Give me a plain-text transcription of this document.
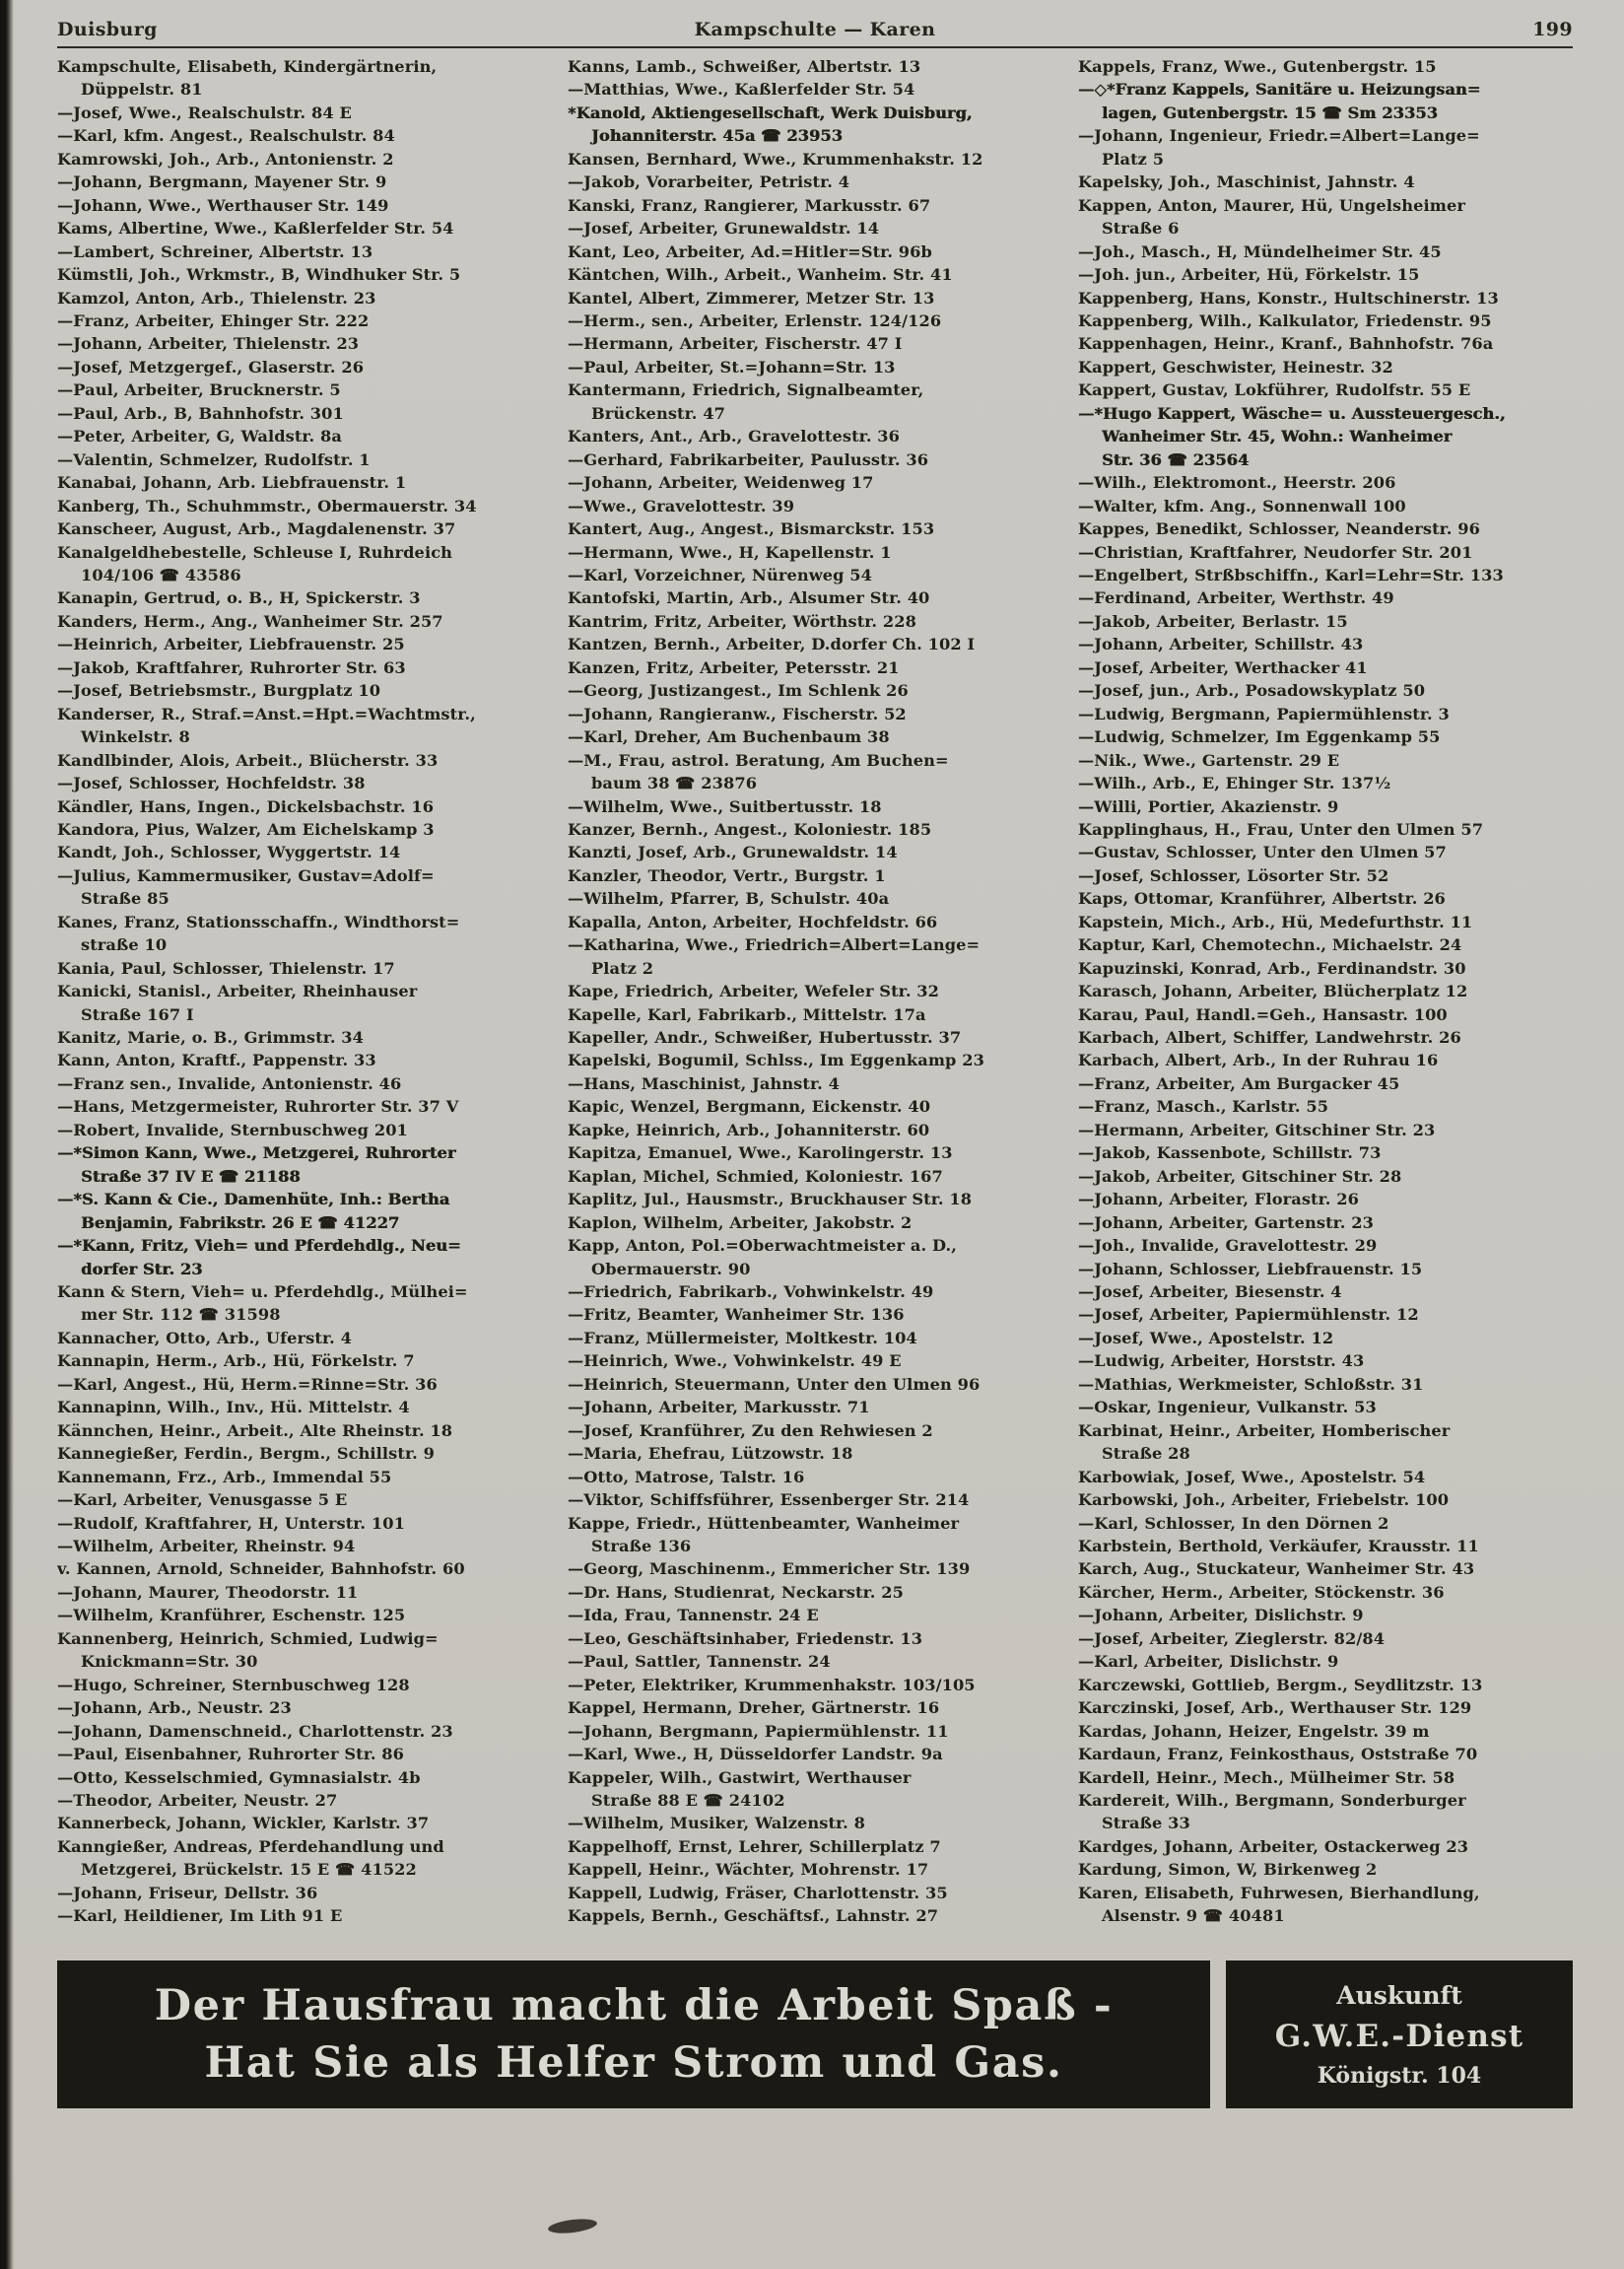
Duisburg	Kampschulte — Karen	199
Kampschulte, Elisabeth, Kindergärtnerin,
Düppelstr. 81
—Josef, Wwe., Realschulstr. 84 E
—Karl, kfm. Angest., Realschulstr. 84
Kamrowski, Joh., Arb., Antonienstr. 2
—Johann, Bergmann, Mayener Str. 9
—Johann, Wwe., Werthauser Str. 149
Kams, Albertine, Wwe., Kaßlerfelder Str. 54
—Lambert, Schreiner, Albertstr. 13
Kümstli, Joh., Wrkmstr., B, Windhuker Str. 5
Kamzol, Anton, Arb., Thielenstr. 23
—Franz, Arbeiter, Ehinger Str. 222
—Johann, Arbeiter, Thielenstr. 23
—Josef, Metzgergef., Glaserstr. 26
—Paul, Arbeiter, Brucknerstr. 5
—Paul, Arb., B, Bahnhofstr. 301
—Peter, Arbeiter, G, Waldstr. 8a
—Valentin, Schmelzer, Rudolfstr. 1
Kanabai, Johann, Arb. Liebfrauenstr. 1
Kanberg, Th., Schuhmmstr., Obermauerstr. 34
Kanscheer, August, Arb., Magdalenenstr. 37
Kanalgeldhebestelle, Schleuse I, Ruhrdeich
104/106 ☎ 43586
Kanapin, Gertrud, o. B., H, Spickerstr. 3
Kanders, Herm., Ang., Wanheimer Str. 257
—Heinrich, Arbeiter, Liebfrauenstr. 25
—Jakob, Kraftfahrer, Ruhrorter Str. 63
—Josef, Betriebsmstr., Burgplatz 10
Kanderser, R., Straf.=Anst.=Hpt.=Wachtmstr.,
Winkelstr. 8
Kandlbinder, Alois, Arbeit., Blücherstr. 33
—Josef, Schlosser, Hochfeldstr. 38
Kändler, Hans, Ingen., Dickelsbachstr. 16
Kandora, Pius, Walzer, Am Eichelskamp 3
Kandt, Joh., Schlosser, Wyggertstr. 14
—Julius, Kammermusiker, Gustav=Adolf=
Straße 85
Kanes, Franz, Stationsschaffn., Windthorst=
straße 10
Kania, Paul, Schlosser, Thielenstr. 17
Kanicki, Stanisl., Arbeiter, Rheinhauser
Straße 167 I
Kanitz, Marie, o. B., Grimmstr. 34
Kann, Anton, Kraftf., Pappenstr. 33
—Franz sen., Invalide, Antonienstr. 46
—Hans, Metzgermeister, Ruhrorter Str. 37 V
—Robert, Invalide, Sternbuschweg 201
—*Simon Kann, Wwe., Metzgerei, Ruhrorter
Straße 37 IV E ☎ 21188
—*S. Kann & Cie., Damenhüte, Inh.: Bertha
Benjamin, Fabrikstr. 26 E ☎ 41227
—*Kann, Fritz, Vieh= und Pferdehdlg., Neu=
dorfer Str. 23
Kann & Stern, Vieh= u. Pferdehdlg., Mülhei=
mer Str. 112 ☎ 31598
Kannacher, Otto, Arb., Uferstr. 4
Kannapin, Herm., Arb., Hü, Förkelstr. 7
—Karl, Angest., Hü, Herm.=Rinne=Str. 36
Kannapinn, Wilh., Inv., Hü. Mittelstr. 4
Kännchen, Heinr., Arbeit., Alte Rheinstr. 18
Kannegießer, Ferdin., Bergm., Schillstr. 9
Kannemann, Frz., Arb., Immendal 55
—Karl, Arbeiter, Venusgasse 5 E
—Rudolf, Kraftfahrer, H, Unterstr. 101
—Wilhelm, Arbeiter, Rheinstr. 94
v. Kannen, Arnold, Schneider, Bahnhofstr. 60
—Johann, Maurer, Theodorstr. 11
—Wilhelm, Kranführer, Eschenstr. 125
Kannenberg, Heinrich, Schmied, Ludwig=
Knickmann=Str. 30
—Hugo, Schreiner, Sternbuschweg 128
—Johann, Arb., Neustr. 23
—Johann, Damenschneid., Charlottenstr. 23
—Paul, Eisenbahner, Ruhrorter Str. 86
—Otto, Kesselschmied, Gymnasialstr. 4b
—Theodor, Arbeiter, Neustr. 27
Kannerbeck, Johann, Wickler, Karlstr. 37
Kanngießer, Andreas, Pferdehandlung und
Metzgerei, Brückelstr. 15 E ☎ 41522
—Johann, Friseur, Dellstr. 36
—Karl, Heildiener, Im Lith 91 E
Kanns, Lamb., Schweißer, Albertstr. 13
—Matthias, Wwe., Kaßlerfelder Str. 54
*Kanold, Aktiengesellschaft, Werk Duisburg,
Johanniterstr. 45a ☎ 23953
Kansen, Bernhard, Wwe., Krummenhakstr. 12
—Jakob, Vorarbeiter, Petristr. 4
Kanski, Franz, Rangierer, Markusstr. 67
—Josef, Arbeiter, Grunewaldstr. 14
Kant, Leo, Arbeiter, Ad.=Hitler=Str. 96b
Käntchen, Wilh., Arbeit., Wanheim. Str. 41
Kantel, Albert, Zimmerer, Metzer Str. 13
—Herm., sen., Arbeiter, Erlenstr. 124/126
—Hermann, Arbeiter, Fischerstr. 47 I
—Paul, Arbeiter, St.=Johann=Str. 13
Kantermann, Friedrich, Signalbeamter,
Brückenstr. 47
Kanters, Ant., Arb., Gravelottestr. 36
—Gerhard, Fabrikarbeiter, Paulusstr. 36
—Johann, Arbeiter, Weidenweg 17
—Wwe., Gravelottestr. 39
Kantert, Aug., Angest., Bismarckstr. 153
—Hermann, Wwe., H, Kapellenstr. 1
—Karl, Vorzeichner, Nürenweg 54
Kantofski, Martin, Arb., Alsumer Str. 40
Kantrim, Fritz, Arbeiter, Wörthstr. 228
Kantzen, Bernh., Arbeiter, D.dorfer Ch. 102 I
Kanzen, Fritz, Arbeiter, Petersstr. 21
—Georg, Justizangest., Im Schlenk 26
—Johann, Rangieranw., Fischerstr. 52
—Karl, Dreher, Am Buchenbaum 38
—M., Frau, astrol. Beratung, Am Buchen=
baum 38 ☎ 23876
—Wilhelm, Wwe., Suitbertusstr. 18
Kanzer, Bernh., Angest., Koloniestr. 185
Kanzti, Josef, Arb., Grunewaldstr. 14
Kanzler, Theodor, Vertr., Burgstr. 1
—Wilhelm, Pfarrer, B, Schulstr. 40a
Kapalla, Anton, Arbeiter, Hochfeldstr. 66
—Katharina, Wwe., Friedrich=Albert=Lange=
Platz 2
Kape, Friedrich, Arbeiter, Wefeler Str. 32
Kapelle, Karl, Fabrikarb., Mittelstr. 17a
Kapeller, Andr., Schweißer, Hubertusstr. 37
Kapelski, Bogumil, Schlss., Im Eggenkamp 23
—Hans, Maschinist, Jahnstr. 4
Kapic, Wenzel, Bergmann, Eickenstr. 40
Kapke, Heinrich, Arb., Johanniterstr. 60
Kapitza, Emanuel, Wwe., Karolingerstr. 13
Kaplan, Michel, Schmied, Koloniestr. 167
Kaplitz, Jul., Hausmstr., Bruckhauser Str. 18
Kaplon, Wilhelm, Arbeiter, Jakobstr. 2
Kapp, Anton, Pol.=Oberwachtmeister a. D.,
Obermauerstr. 90
—Friedrich, Fabrikarb., Vohwinkelstr. 49
—Fritz, Beamter, Wanheimer Str. 136
—Franz, Müllermeister, Moltkestr. 104
—Heinrich, Wwe., Vohwinkelstr. 49 E
—Heinrich, Steuermann, Unter den Ulmen 96
—Johann, Arbeiter, Markusstr. 71
—Josef, Kranführer, Zu den Rehwiesen 2
—Maria, Ehefrau, Lützowstr. 18
—Otto, Matrose, Talstr. 16
—Viktor, Schiffsführer, Essenberger Str. 214
Kappe, Friedr., Hüttenbeamter, Wanheimer
Straße 136
—Georg, Maschinenm., Emmericher Str. 139
—Dr. Hans, Studienrat, Neckarstr. 25
—Ida, Frau, Tannenstr. 24 E
—Leo, Geschäftsinhaber, Friedenstr. 13
—Paul, Sattler, Tannenstr. 24
—Peter, Elektriker, Krummenhakstr. 103/105
Kappel, Hermann, Dreher, Gärtnerstr. 16
—Johann, Bergmann, Papiermühlenstr. 11
—Karl, Wwe., H, Düsseldorfer Landstr. 9a
Kappeler, Wilh., Gastwirt, Werthauser
Straße 88 E ☎ 24102
—Wilhelm, Musiker, Walzenstr. 8
Kappelhoff, Ernst, Lehrer, Schillerplatz 7
Kappell, Heinr., Wächter, Mohrenstr. 17
Kappell, Ludwig, Fräser, Charlottenstr. 35
Kappels, Bernh., Geschäftsf., Lahnstr. 27
Kappels, Franz, Wwe., Gutenbergstr. 15
—◇*Franz Kappels, Sanitäre u. Heizungsan=
lagen, Gutenbergstr. 15 ☎ Sm 23353
—Johann, Ingenieur, Friedr.=Albert=Lange=
Platz 5
Kapelsky, Joh., Maschinist, Jahnstr. 4
Kappen, Anton, Maurer, Hü, Ungelsheimer
Straße 6
—Joh., Masch., H, Mündelheimer Str. 45
—Joh. jun., Arbeiter, Hü, Förkelstr. 15
Kappenberg, Hans, Konstr., Hultschinerstr. 13
Kappenberg, Wilh., Kalkulator, Friedenstr. 95
Kappenhagen, Heinr., Kranf., Bahnhofstr. 76a
Kappert, Geschwister, Heinestr. 32
Kappert, Gustav, Lokführer, Rudolfstr. 55 E
—*Hugo Kappert, Wäsche= u. Aussteuergesch.,
Wanheimer Str. 45, Wohn.: Wanheimer
Str. 36 ☎ 23564
—Wilh., Elektromont., Heerstr. 206
—Walter, kfm. Ang., Sonnenwall 100
Kappes, Benedikt, Schlosser, Neanderstr. 96
—Christian, Kraftfahrer, Neudorfer Str. 201
—Engelbert, Strßbschiffn., Karl=Lehr=Str. 133
—Ferdinand, Arbeiter, Werthstr. 49
—Jakob, Arbeiter, Berlastr. 15
—Johann, Arbeiter, Schillstr. 43
—Josef, Arbeiter, Werthacker 41
—Josef, jun., Arb., Posadowskyplatz 50
—Ludwig, Bergmann, Papiermühlenstr. 3
—Ludwig, Schmelzer, Im Eggenkamp 55
—Nik., Wwe., Gartenstr. 29 E
—Wilh., Arb., E, Ehinger Str. 137½
—Willi, Portier, Akazienstr. 9
Kapplinghaus, H., Frau, Unter den Ulmen 57
—Gustav, Schlosser, Unter den Ulmen 57
—Josef, Schlosser, Lösorter Str. 52
Kaps, Ottomar, Kranführer, Albertstr. 26
Kapstein, Mich., Arb., Hü, Medefurthstr. 11
Kaptur, Karl, Chemotechn., Michaelstr. 24
Kapuzinski, Konrad, Arb., Ferdinandstr. 30
Karasch, Johann, Arbeiter, Blücherplatz 12
Karau, Paul, Handl.=Geh., Hansastr. 100
Karbach, Albert, Schiffer, Landwehrstr. 26
Karbach, Albert, Arb., In der Ruhrau 16
—Franz, Arbeiter, Am Burgacker 45
—Franz, Masch., Karlstr. 55
—Hermann, Arbeiter, Gitschiner Str. 23
—Jakob, Kassenbote, Schillstr. 73
—Jakob, Arbeiter, Gitschiner Str. 28
—Johann, Arbeiter, Florastr. 26
—Johann, Arbeiter, Gartenstr. 23
—Joh., Invalide, Gravelottestr. 29
—Johann, Schlosser, Liebfrauenstr. 15
—Josef, Arbeiter, Biesenstr. 4
—Josef, Arbeiter, Papiermühlenstr. 12
—Josef, Wwe., Apostelstr. 12
—Ludwig, Arbeiter, Horststr. 43
—Mathias, Werkmeister, Schloßstr. 31
—Oskar, Ingenieur, Vulkanstr. 53
Karbinat, Heinr., Arbeiter, Homberischer
Straße 28
Karbowiak, Josef, Wwe., Apostelstr. 54
Karbowski, Joh., Arbeiter, Friebelstr. 100
—Karl, Schlosser, In den Dörnen 2
Karbstein, Berthold, Verkäufer, Krausstr. 11
Karch, Aug., Stuckateur, Wanheimer Str. 43
Kärcher, Herm., Arbeiter, Stöckenstr. 36
—Johann, Arbeiter, Dislichstr. 9
—Josef, Arbeiter, Zieglerstr. 82/84
—Karl, Arbeiter, Dislichstr. 9
Karczewski, Gottlieb, Bergm., Seydlitzstr. 13
Karczinski, Josef, Arb., Werthauser Str. 129
Kardas, Johann, Heizer, Engelstr. 39 m
Kardaun, Franz, Feinkosthaus, Oststraße 70
Kardell, Heinr., Mech., Mülheimer Str. 58
Kardereit, Wilh., Bergmann, Sonderburger
Straße 33
Kardges, Johann, Arbeiter, Ostackerweg 23
Kardung, Simon, W, Birkenweg 2
Karen, Elisabeth, Fuhrwesen, Bierhandlung,
Alsenstr. 9 ☎ 40481
Der Hausfrau macht die Arbeit Spaß -
Hat Sie als Helfer Strom und Gas.
Auskunft
G.W.E.-Dienst
Königstr. 104
